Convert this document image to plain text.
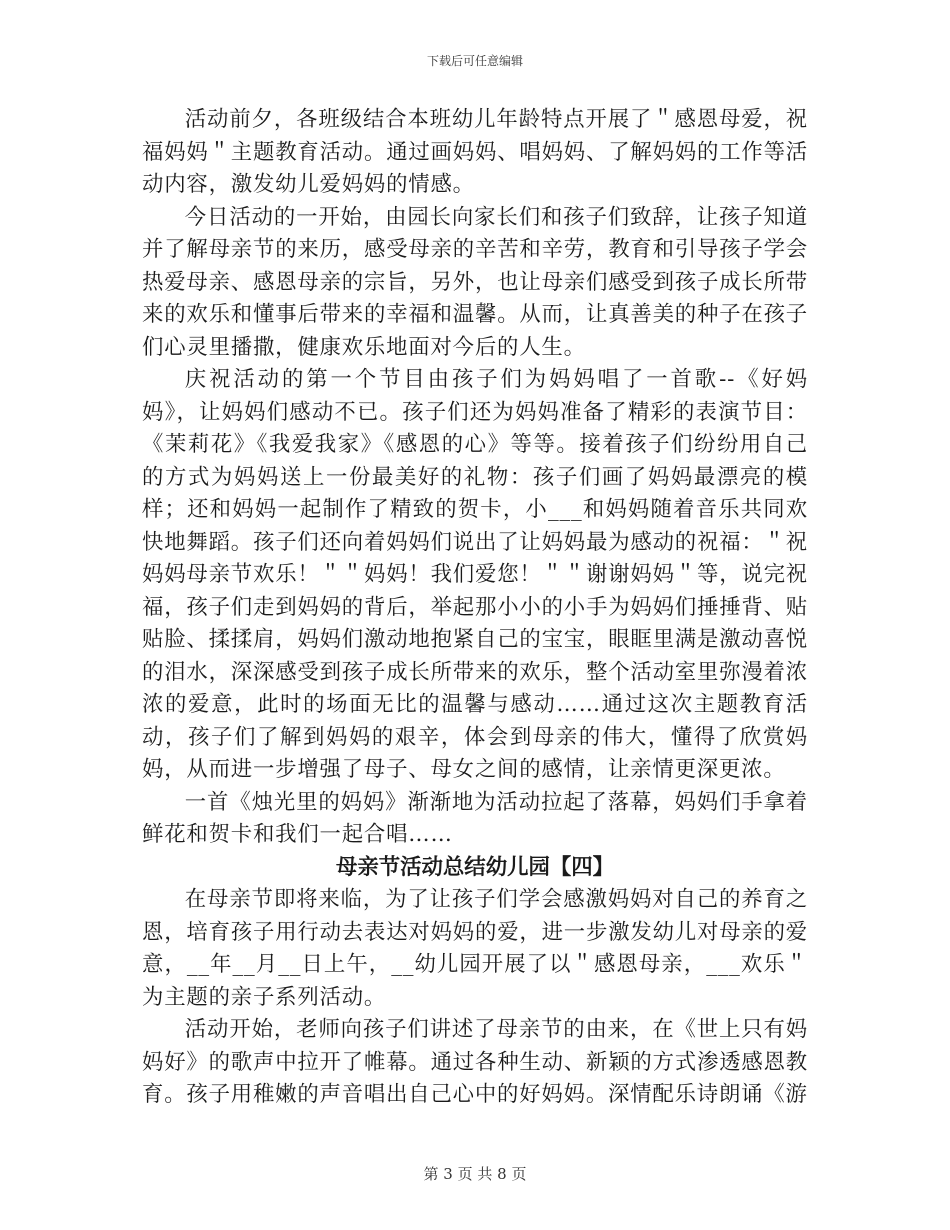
下载后可任意编辑

活动前夕，各班级结合本班幼儿年龄特点开展了＂感恩母爱，祝福妈妈＂主题教育活动。通过画妈妈、唱妈妈、了解妈妈的工作等活动内容，激发幼儿爱妈妈的情感。

今日活动的一开始，由园长向家长们和孩子们致辞，让孩子知道并了解母亲节的来历，感受母亲的辛苦和辛劳，教育和引导孩子学会热爱母亲、感恩母亲的宗旨，另外，也让母亲们感受到孩子成长所带来的欢乐和懂事后带来的幸福和温馨。从而，让真善美的种子在孩子们心灵里播撒，健康欢乐地面对今后的人生。

庆祝活动的第一个节目由孩子们为妈妈唱了一首歌--《好妈妈》，让妈妈们感动不已。孩子们还为妈妈准备了精彩的表演节目：《茉莉花》《我爱我家》《感恩的心》等等。接着孩子们纷纷用自己的方式为妈妈送上一份最美好的礼物：孩子们画了妈妈最漂亮的模样；还和妈妈一起制作了精致的贺卡，小___和妈妈随着音乐共同欢快地舞蹈。孩子们还向着妈妈们说出了让妈妈最为感动的祝福：＂祝妈妈母亲节欢乐！＂＂妈妈！我们爱您！＂＂谢谢妈妈＂等，说完祝福，孩子们走到妈妈的背后，举起那小小的小手为妈妈们捶捶背、贴贴脸、揉揉肩，妈妈们激动地抱紧自己的宝宝，眼眶里满是激动喜悦的泪水，深深感受到孩子成长所带来的欢乐，整个活动室里弥漫着浓浓的爱意，此时的场面无比的温馨与感动……通过这次主题教育活动，孩子们了解到妈妈的艰辛，体会到母亲的伟大，懂得了欣赏妈妈，从而进一步增强了母子、母女之间的感情，让亲情更深更浓。

一首《烛光里的妈妈》渐渐地为活动拉起了落幕，妈妈们手拿着鲜花和贺卡和我们一起合唱……

母亲节活动总结幼儿园【四】

在母亲节即将来临，为了让孩子们学会感激妈妈对自己的养育之恩，培育孩子用行动去表达对妈妈的爱，进一步激发幼儿对母亲的爱意，__年__月__日上午，__幼儿园开展了以＂感恩母亲，___欢乐＂为主题的亲子系列活动。

活动开始，老师向孩子们讲述了母亲节的由来，在《世上只有妈妈好》的歌声中拉开了帷幕。通过各种生动、新颖的方式渗透感恩教育。孩子用稚嫩的声音唱出自己心中的好妈妈。深情配乐诗朗诵《游

第 3 页 共 8 页
